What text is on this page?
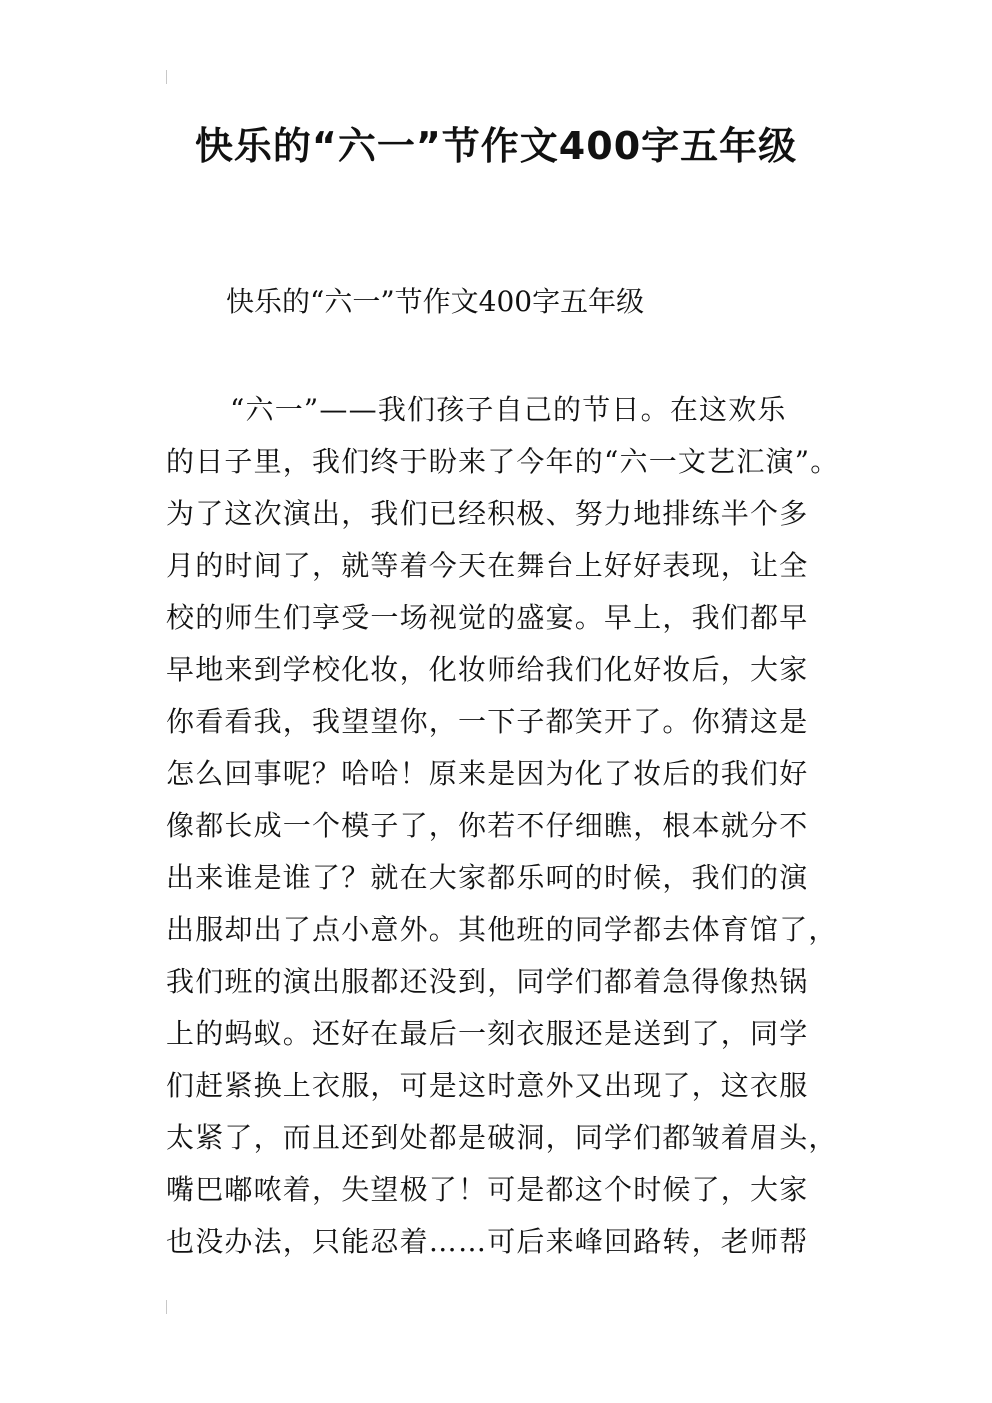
快乐的“六一”节作文400字五年级

快乐的“六一”节作文400字五年级

“六一”——我们孩子自己的节日。在这欢乐
的日子里，我们终于盼来了今年的“六一文艺汇演”。
为了这次演出，我们已经积极、努力地排练半个多
月的时间了，就等着今天在舞台上好好表现，让全
校的师生们享受一场视觉的盛宴。早上，我们都早
早地来到学校化妆，化妆师给我们化好妆后，大家
你看看我，我望望你，一下子都笑开了。你猜这是
怎么回事呢？哈哈！原来是因为化了妆后的我们好
像都长成一个模子了，你若不仔细瞧，根本就分不
出来谁是谁了？就在大家都乐呵的时候，我们的演
出服却出了点小意外。其他班的同学都去体育馆了，
我们班的演出服都还没到，同学们都着急得像热锅
上的蚂蚁。还好在最后一刻衣服还是送到了，同学
们赶紧换上衣服，可是这时意外又出现了，这衣服
太紧了，而且还到处都是破洞，同学们都皱着眉头，
嘴巴嘟哝着，失望极了！可是都这个时候了，大家
也没办法，只能忍着……可后来峰回路转，老师帮
